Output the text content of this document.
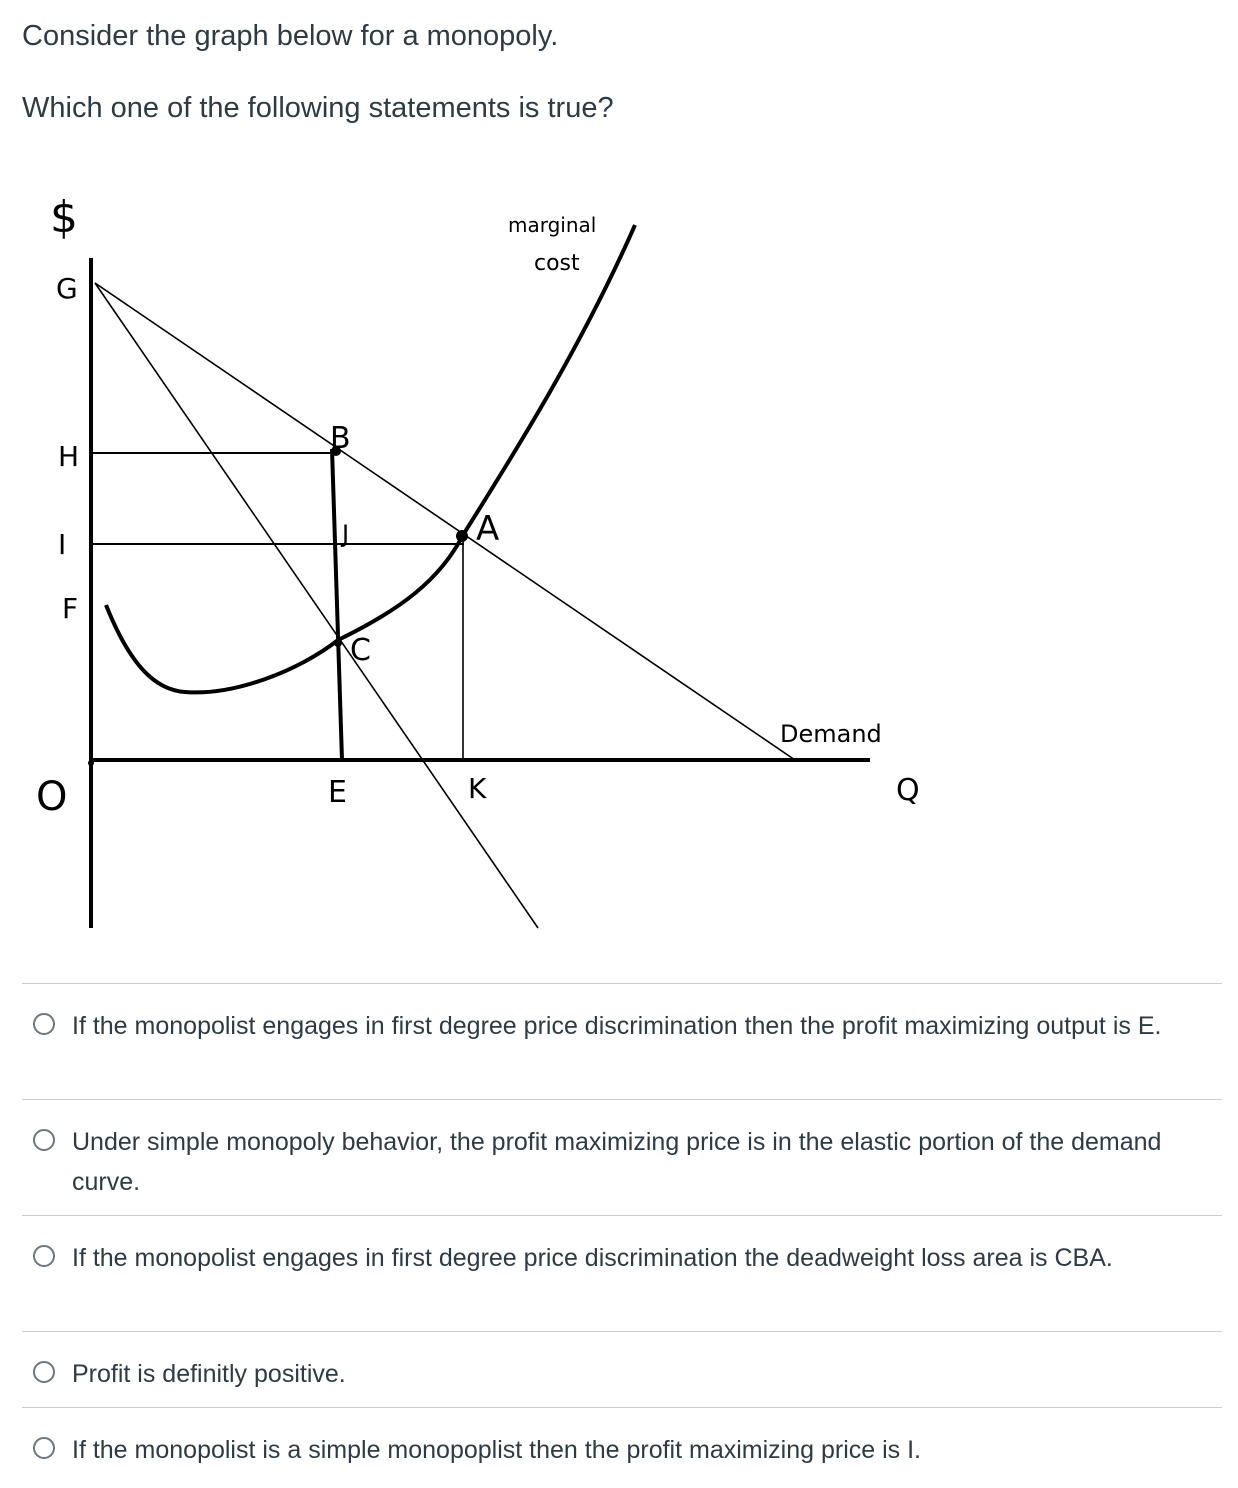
Consider the graph below for a monopoly.

Which one of the following statements is true?

$
Q
O
G
H
I
F
E	K
B
J	A
C
marginal
cost
Demand
If the monopolist engages in first degree price discrimination then the profit maximizing output is E.
Under simple monopoly behavior, the profit maximizing price is in the elastic portion of the demand curve.
If the monopolist engages in first degree price discrimination the deadweight loss area is CBA.
Profit is definitly positive.
If the monopolist is a simple monopoplist then the profit maximizing price is I.
